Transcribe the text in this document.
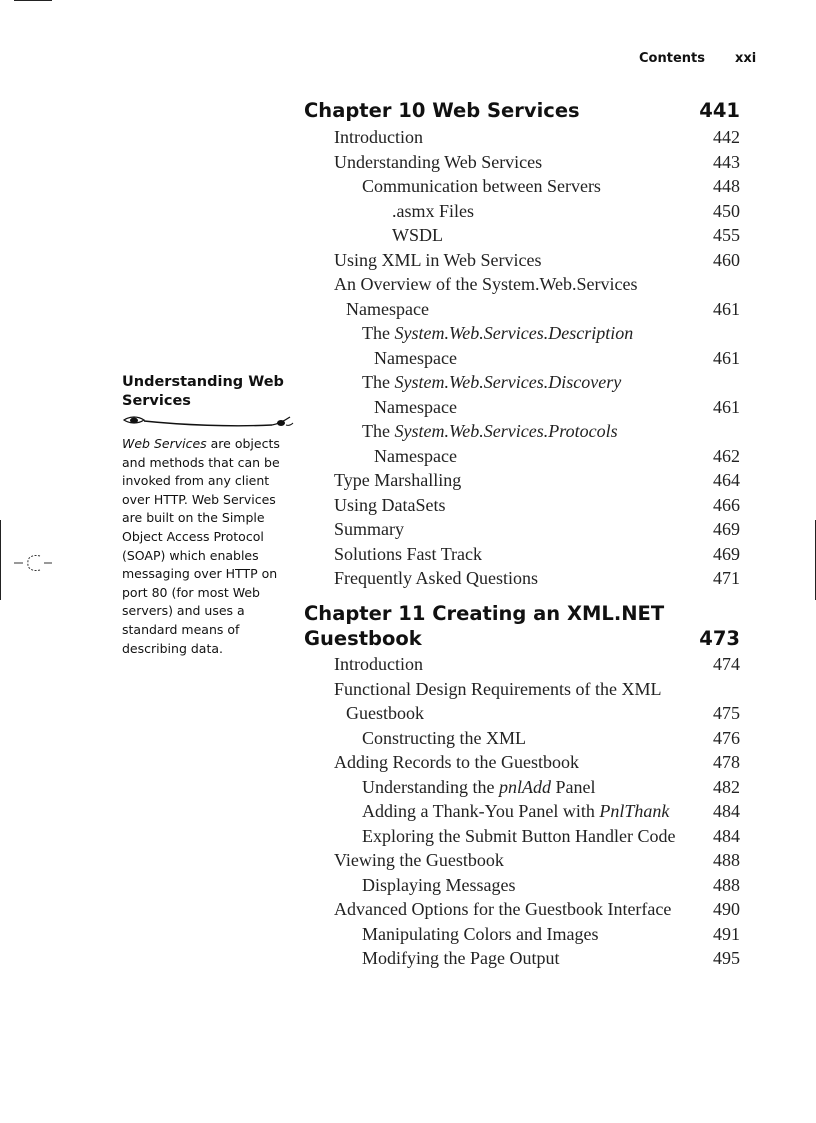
Contents xxi
Understanding Web
Services
Web Services are objects
and methods that can be
invoked from any client
over HTTP. Web Services
are built on the Simple
Object Access Protocol
(SOAP) which enables
messaging over HTTP on
port 80 (for most Web
servers) and uses a
standard means of
describing data.
Chapter 10 Web Services	441
Introduction	442
Understanding Web Services	443
Communication between Servers	448
.asmx Files	450
WSDL	455
Using XML in Web Services	460
An Overview of the System.Web.Services
Namespace	461
The System.Web.Services.Description
Namespace	461
The System.Web.Services.Discovery
Namespace	461
The System.Web.Services.Protocols
Namespace	462
Type Marshalling	464
Using DataSets	466
Summary	469
Solutions Fast Track	469
Frequently Asked Questions	471
Chapter 11 Creating an XML.NET
Guestbook	473
Introduction	474
Functional Design Requirements of the XML
Guestbook	475
Constructing the XML	476
Adding Records to the Guestbook	478
Understanding the pnlAdd Panel	482
Adding a Thank-You Panel with PnlThank 484
Exploring the Submit Button Handler Code 484
Viewing the Guestbook	488
Displaying Messages	488
Advanced Options for the Guestbook Interface 490
Manipulating Colors and Images	491
Modifying the Page Output	495
